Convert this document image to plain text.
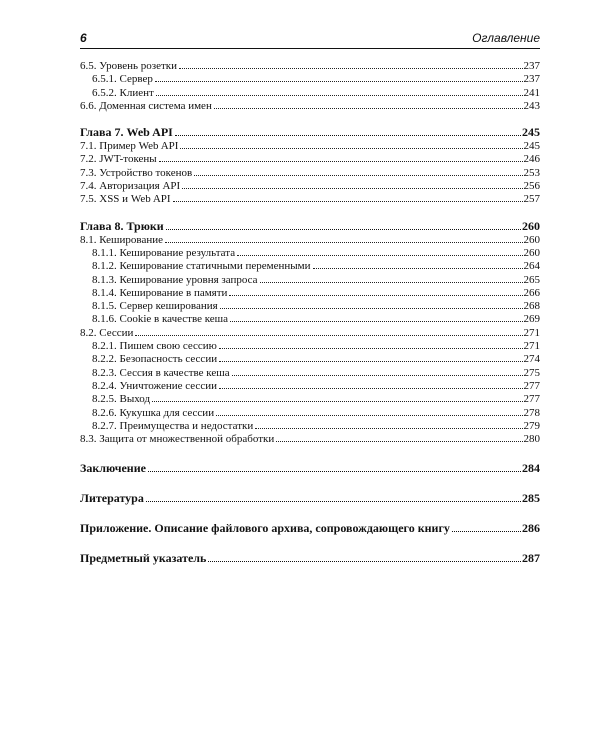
6	Оглавление
6.5. Уровень розетки	237
6.5.1. Сервер	237
6.5.2. Клиент	241
6.6. Доменная система имен	243
Глава 7. Web API	245
7.1. Пример Web API	245
7.2. JWT-токены	246
7.3. Устройство токенов	253
7.4. Авторизация API	256
7.5. XSS и Web API	257
Глава 8. Трюки	260
8.1. Кеширование	260
8.1.1. Кеширование результата	260
8.1.2. Кеширование статичными переменными	264
8.1.3. Кеширование уровня запроса	265
8.1.4. Кеширование в памяти	266
8.1.5. Сервер кеширования	268
8.1.6. Cookie в качестве кеша	269
8.2. Сессии	271
8.2.1. Пишем свою сессию	271
8.2.2. Безопасность сессии	274
8.2.3. Сессия в качестве кеша	275
8.2.4. Уничтожение сессии	277
8.2.5. Выход	277
8.2.6. Кукушка для сессии	278
8.2.7. Преимущества и недостатки	279
8.3. Защита от множественной обработки	280
Заключение	284
Литература	285
Приложение. Описание файлового архива, сопровождающего книгу	286
Предметный указатель	287
